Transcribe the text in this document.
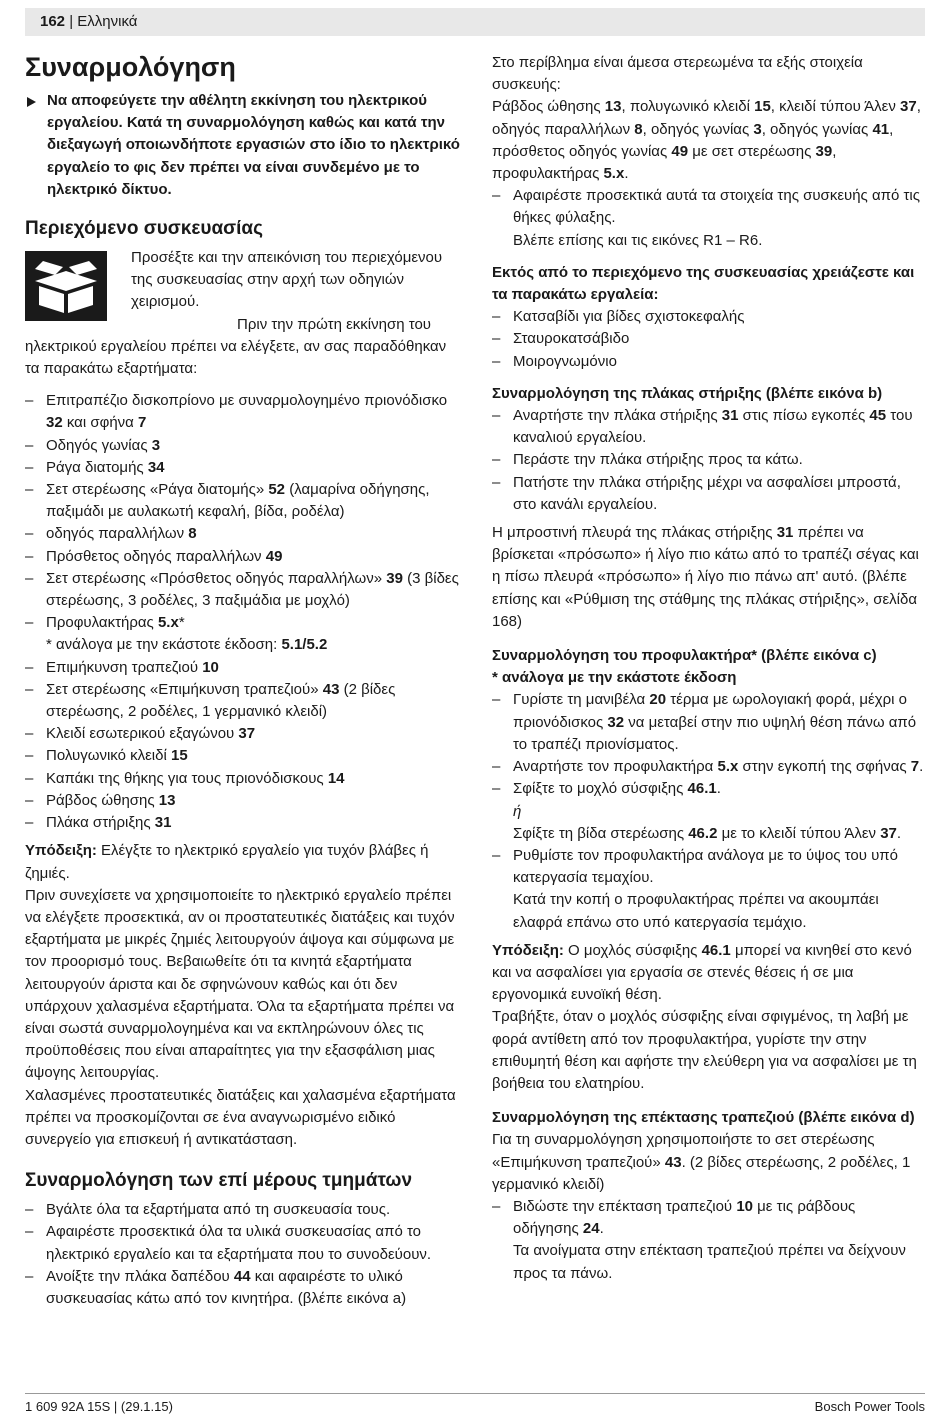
162 | Ελληνικά

Συναρμολόγηση

Να αποφεύγετε την αθέλητη εκκίνηση του ηλεκτρικού εργαλείου. Κατά τη συναρμολόγηση καθώς και κατά την διεξαγωγή οποιωνδήποτε εργασιών στο ίδιο το ηλεκτρικό εργαλείο το φις δεν πρέπει να είναι συνδεμένο με το ηλεκτρικό δίκτυο.

Περιεχόμενο συσκευασίας

Προσέξτε και την απεικόνιση του περιεχόμενου της συσκευασίας στην αρχή των οδηγιών χειρισμού.

Πριν την πρώτη εκκίνηση του ηλεκτρικού εργαλείου πρέπει να ελέγξετε, αν σας παραδόθηκαν τα παρακάτω εξαρτήματα:

– Επιτραπέζιο δισκοπρίονο με συναρμολογημένο πριονόδισκο 32 και σφήνα 7
– Οδηγός γωνίας 3
– Ράγα διατομής 34
– Σετ στερέωσης «Ράγα διατομής» 52 (λαμαρίνα οδήγησης, παξιμάδι με αυλακωτή κεφαλή, βίδα, ροδέλα)
– οδηγός παραλλήλων 8
– Πρόσθετος οδηγός παραλλήλων 49
– Σετ στερέωσης «Πρόσθετος οδηγός παραλλήλων» 39 (3 βίδες στερέωσης, 3 ροδέλες, 3 παξιμάδια με μοχλό)
– Προφυλακτήρας 5.x*
* ανάλογα με την εκάστοτε έκδοση: 5.1/5.2
– Επιμήκυνση τραπεζιού 10
– Σετ στερέωσης «Επιμήκυνση τραπεζιού» 43 (2 βίδες στερέωσης, 2 ροδέλες, 1 γερμανικό κλειδί)
– Κλειδί εσωτερικού εξαγώνου 37
– Πολυγωνικό κλειδί 15
– Καπάκι της θήκης για τους πριονόδισκους 14
– Ράβδος ώθησης 13
– Πλάκα στήριξης 31

Υπόδειξη: Ελέγξτε το ηλεκτρικό εργαλείο για τυχόν βλάβες ή ζημιές.

Πριν συνεχίσετε να χρησιμοποιείτε το ηλεκτρικό εργαλείο πρέπει να ελέγξετε προσεκτικά, αν οι προστατευτικές διατάξεις και τυχόν εξαρτήματα με μικρές ζημιές λειτουργούν άψογα και σύμφωνα με τον προορισμό τους. Βεβαιωθείτε ότι τα κινητά εξαρτήματα λειτουργούν άριστα και δε σφηνώνουν καθώς και ότι δεν υπάρχουν χαλασμένα εξαρτήματα. Όλα τα εξαρτήματα πρέπει να είναι σωστά συναρμολογημένα και να εκπληρώνουν όλες τις προϋποθέσεις που είναι απαραίτητες για την εξασφάλιση μιας άψογης λειτουργίας.

Χαλασμένες προστατευτικές διατάξεις και χαλασμένα εξαρτήματα πρέπει να προσκομίζονται σε ένα αναγνωρισμένο ειδικό συνεργείο για επισκευή ή αντικατάσταση.

Συναρμολόγηση των επί μέρους τμημάτων

– Βγάλτε όλα τα εξαρτήματα από τη συσκευασία τους.
– Αφαιρέστε προσεκτικά όλα τα υλικά συσκευασίας από το ηλεκτρικό εργαλείο και τα εξαρτήματα που το συνοδεύουν.
– Ανοίξτε την πλάκα δαπέδου 44 και αφαιρέστε το υλικό συσκευασίας κάτω από τον κινητήρα. (βλέπε εικόνα a)

Στο περίβλημα είναι άμεσα στερεωμένα τα εξής στοιχεία συσκευής:

Ράβδος ώθησης 13, πολυγωνικό κλειδί 15, κλειδί τύπου Άλεν 37, οδηγός παραλλήλων 8, οδηγός γωνίας 3, οδηγός γωνίας 41, πρόσθετος οδηγός γωνίας 49 με σετ στερέωσης 39, προφυλακτήρας 5.x.

– Αφαιρέστε προσεκτικά αυτά τα στοιχεία της συσκευής από τις θήκες φύλαξης.
Βλέπε επίσης και τις εικόνες R1 – R6.

Εκτός από το περιεχόμενο της συσκευασίας χρειάζεστε και τα παρακάτω εργαλεία:

– Κατσαβίδι για βίδες σχιστοκεφαλής
– Σταυροκατσάβιδο
– Μοιρογνωμόνιο

Συναρμολόγηση της πλάκας στήριξης (βλέπε εικόνα b)

– Αναρτήστε την πλάκα στήριξης 31 στις πίσω εγκοπές 45 του καναλιού εργαλείου.
– Περάστε την πλάκα στήριξης προς τα κάτω.
– Πατήστε την πλάκα στήριξης μέχρι να ασφαλίσει μπροστά, στο κανάλι εργαλείου.

Η μπροστινή πλευρά της πλάκας στήριξης 31 πρέπει να βρίσκεται «πρόσωπο» ή λίγο πιο κάτω από το τραπέζι σέγας και η πίσω πλευρά «πρόσωπο» ή λίγο πιο πάνω απ' αυτό. (βλέπε επίσης και «Ρύθμιση της στάθμης της πλάκας στήριξης», σελίδα 168)

Συναρμολόγηση του προφυλακτήρα* (βλέπε εικόνα c)

* ανάλογα με την εκάστοτε έκδοση

– Γυρίστε τη μανιβέλα 20 τέρμα με ωρολογιακή φορά, μέχρι ο πριονόδισκος 32 να μεταβεί στην πιο υψηλή θέση πάνω από το τραπέζι πριονίσματος.
– Αναρτήστε τον προφυλακτήρα 5.x στην εγκοπή της σφήνας 7.
– Σφίξτε το μοχλό σύσφιξης 46.1.
ή
Σφίξτε τη βίδα στερέωσης 46.2 με το κλειδί τύπου Άλεν 37.
– Ρυθμίστε τον προφυλακτήρα ανάλογα με το ύψος του υπό κατεργασία τεμαχίου.
Κατά την κοπή ο προφυλακτήρας πρέπει να ακουμπάει ελαφρά επάνω στο υπό κατεργασία τεμάχιο.

Υπόδειξη: Ο μοχλός σύσφιξης 46.1 μπορεί να κινηθεί στο κενό και να ασφαλίσει για εργασία σε στενές θέσεις ή σε μια εργονομικά ευνοϊκή θέση.

Τραβήξτε, όταν ο μοχλός σύσφιξης είναι σφιγμένος, τη λαβή με φορά αντίθετη από τον προφυλακτήρα, γυρίστε την στην επιθυμητή θέση και αφήστε την ελεύθερη για να ασφαλίσει με τη βοήθεια του ελατηρίου.

Συναρμολόγηση της επέκτασης τραπεζιού (βλέπε εικόνα d)

Για τη συναρμολόγηση χρησιμοποιήστε το σετ στερέωσης «Επιμήκυνση τραπεζιού» 43. (2 βίδες στερέωσης, 2 ροδέλες, 1 γερμανικό κλειδί)

– Βιδώστε την επέκταση τραπεζιού 10 με τις ράβδους οδήγησης 24.
Τα ανοίγματα στην επέκταση τραπεζιού πρέπει να δείχνουν προς τα πάνω.
1 609 92A 15S | (29.1.15)	Bosch Power Tools
